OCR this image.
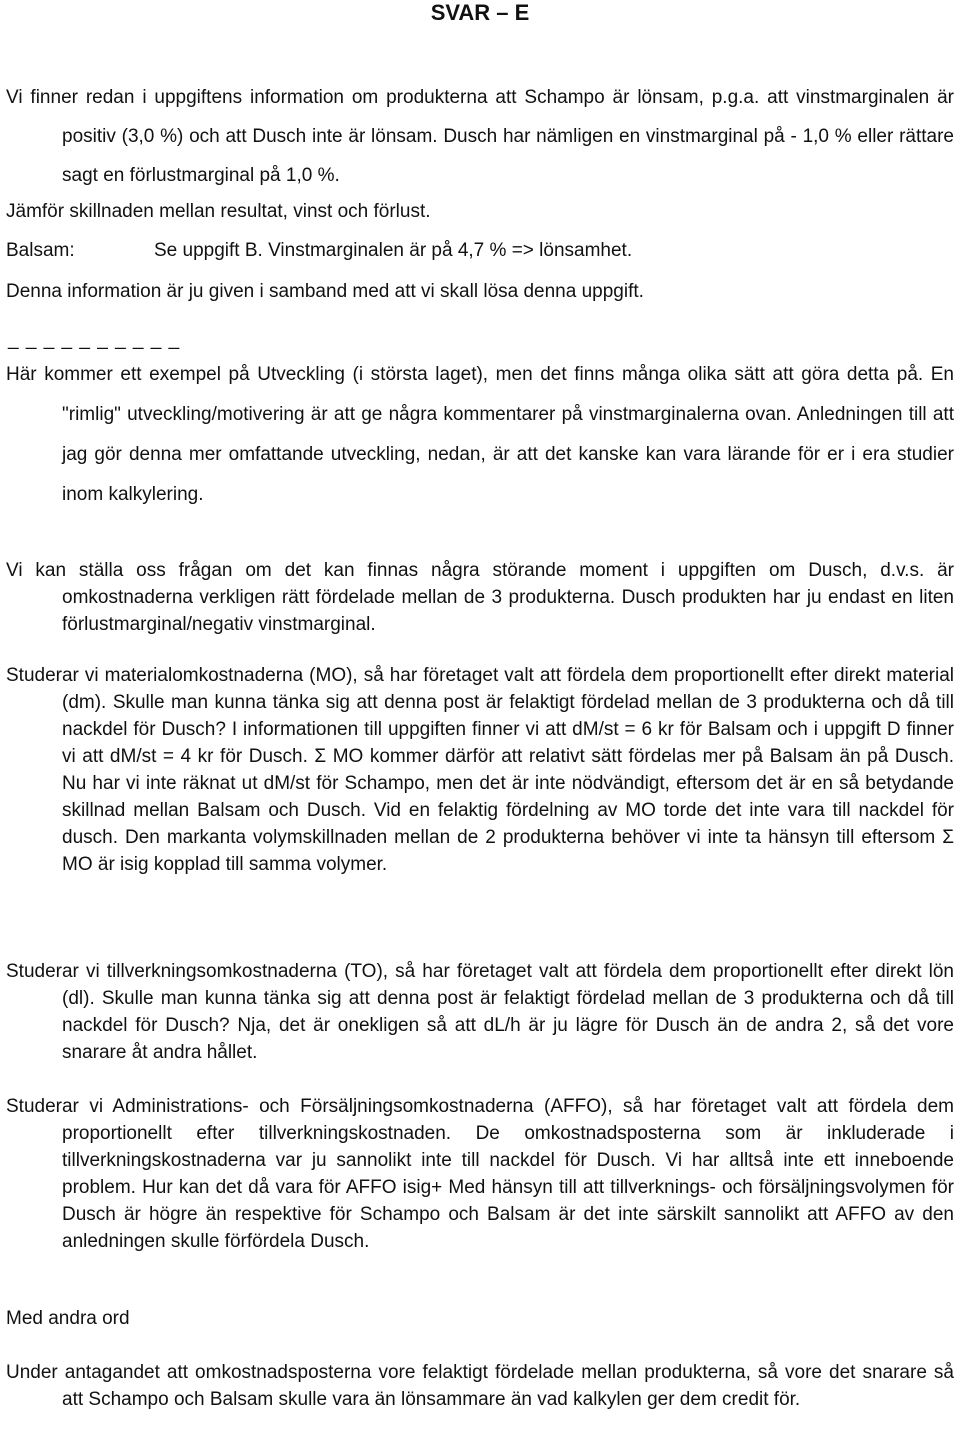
SVAR – E

Vi finner redan i uppgiftens information om produkterna att Schampo är lönsam, p.g.a. att vinstmarginalen är positiv (3,0 %) och att Dusch inte är lönsam. Dusch har nämligen en vinstmarginal på - 1,0 % eller rättare sagt en förlustmarginal på 1,0 %.

Jämför skillnaden mellan resultat, vinst och förlust.

Balsam:	Se uppgift B. Vinstmarginalen är på 4,7 % => lönsamhet.

Denna information är ju given i samband med att vi skall lösa denna uppgift.

_ _ _ _ _ _ _ _ _ _

Här kommer ett exempel på Utveckling (i största laget), men det finns många olika sätt att göra detta på. En "rimlig" utveckling/motivering är att ge några kommentarer på vinstmarginalerna ovan. Anledningen till att jag gör denna mer omfattande utveckling, nedan, är att det kanske kan vara lärande för er i era studier inom kalkylering.

Vi kan ställa oss frågan om det kan finnas några störande moment i uppgiften om Dusch, d.v.s. är omkostnaderna verkligen rätt fördelade mellan de 3 produkterna. Dusch produkten har ju endast en liten förlustmarginal/negativ vinstmarginal.

Studerar vi materialomkostnaderna (MO), så har företaget valt att fördela dem proportionellt efter direkt material (dm). Skulle man kunna tänka sig att denna post är felaktigt fördelad mellan de 3 produkterna och då till nackdel för Dusch? I informationen till uppgiften finner vi att dM/st = 6 kr för Balsam och i uppgift D finner vi att dM/st = 4 kr för Dusch. Σ MO kommer därför att relativt sätt fördelas mer på Balsam än på Dusch. Nu har vi inte räknat ut dM/st för Schampo, men det är inte nödvändigt, eftersom det är en så betydande skillnad mellan Balsam och Dusch. Vid en felaktig fördelning av MO torde det inte vara till nackdel för dusch. Den markanta volymskillnaden mellan de 2 produkterna behöver vi inte ta hänsyn till eftersom Σ MO är isig kopplad till samma volymer.

Studerar vi tillverkningsomkostnaderna (TO), så har företaget valt att fördela dem proportionellt efter direkt lön (dl). Skulle man kunna tänka sig att denna post är felaktigt fördelad mellan de 3 produkterna och då till nackdel för Dusch? Nja, det är onekligen så att dL/h är ju lägre för Dusch än de andra 2, så det vore snarare åt andra hållet.

Studerar vi Administrations- och Försäljningsomkostnaderna (AFFO), så har företaget valt att fördela dem proportionellt efter tillverkningskostnaden. De omkostnadsposterna som är inkluderade i tillverkningskostnaderna var ju sannolikt inte till nackdel för Dusch. Vi har alltså inte ett inneboende problem. Hur kan det då vara för AFFO isig+ Med hänsyn till att tillverknings- och försäljningsvolymen för Dusch är högre än respektive för Schampo och Balsam är det inte särskilt sannolikt att AFFO av den anledningen skulle förfördela Dusch.

Med andra ord

Under antagandet att omkostnadsposterna vore felaktigt fördelade mellan produkterna, så vore det snarare så att Schampo och Balsam skulle vara än lönsammare än vad kalkylen ger dem credit för.
